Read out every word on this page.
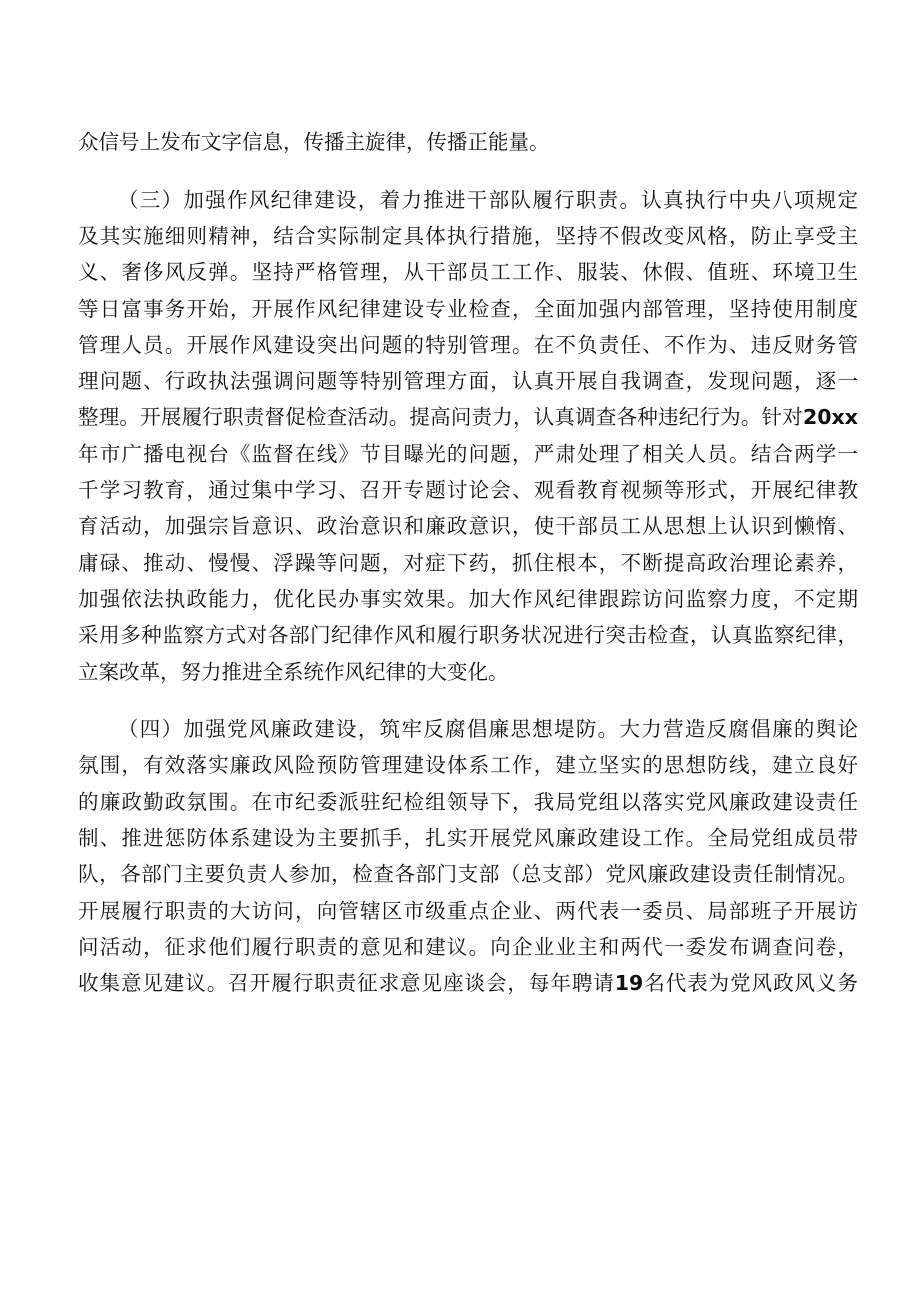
众信号上发布文字信息，传播主旋律，传播正能量。
（三）加强作风纪律建设，着力推进干部队履行职责。认真执行中央八项规定
及其实施细则精神，结合实际制定具体执行措施，坚持不假改变风格，防止享受主
义、奢侈风反弹。坚持严格管理，从干部员工工作、服装、休假、值班、环境卫生
等日富事务开始，开展作风纪律建设专业检查，全面加强内部管理，坚持使用制度
管理人员。开展作风建设突出问题的特别管理。在不负责任、不作为、违反财务管
理问题、行政执法强调问题等特别管理方面，认真开展自我调查，发现问题，逐一
整理。开展履行职责督促检查活动。提高问责力，认真调查各种违纪行为。针对20xx
年市广播电视台《监督在线》节目曝光的问题，严肃处理了相关人员。结合两学一
千学习教育，通过集中学习、召开专题讨论会、观看教育视频等形式，开展纪律教
育活动，加强宗旨意识、政治意识和廉政意识，使干部员工从思想上认识到懒惰、
庸碌、推动、慢慢、浮躁等问题，对症下药，抓住根本，不断提高政治理论素养，
加强依法执政能力，优化民办事实效果。加大作风纪律跟踪访问监察力度，不定期
采用多种监察方式对各部门纪律作风和履行职务状况进行突击检查，认真监察纪律，
立案改革，努力推进全系统作风纪律的大变化。
（四）加强党风廉政建设，筑牢反腐倡廉思想堤防。大力营造反腐倡廉的舆论
氛围，有效落实廉政风险预防管理建设体系工作，建立坚实的思想防线，建立良好
的廉政勤政氛围。在市纪委派驻纪检组领导下，我局党组以落实党风廉政建设责任
制、推进惩防体系建设为主要抓手，扎实开展党风廉政建设工作。全局党组成员带
队，各部门主要负责人参加，检查各部门支部（总支部）党风廉政建设责任制情况。
开展履行职责的大访问，向管辖区市级重点企业、两代表一委员、局部班子开展访
问活动，征求他们履行职责的意见和建议。向企业业主和两代一委发布调查问卷，
收集意见建议。召开履行职责征求意见座谈会，每年聘请19名代表为党风政风义务
